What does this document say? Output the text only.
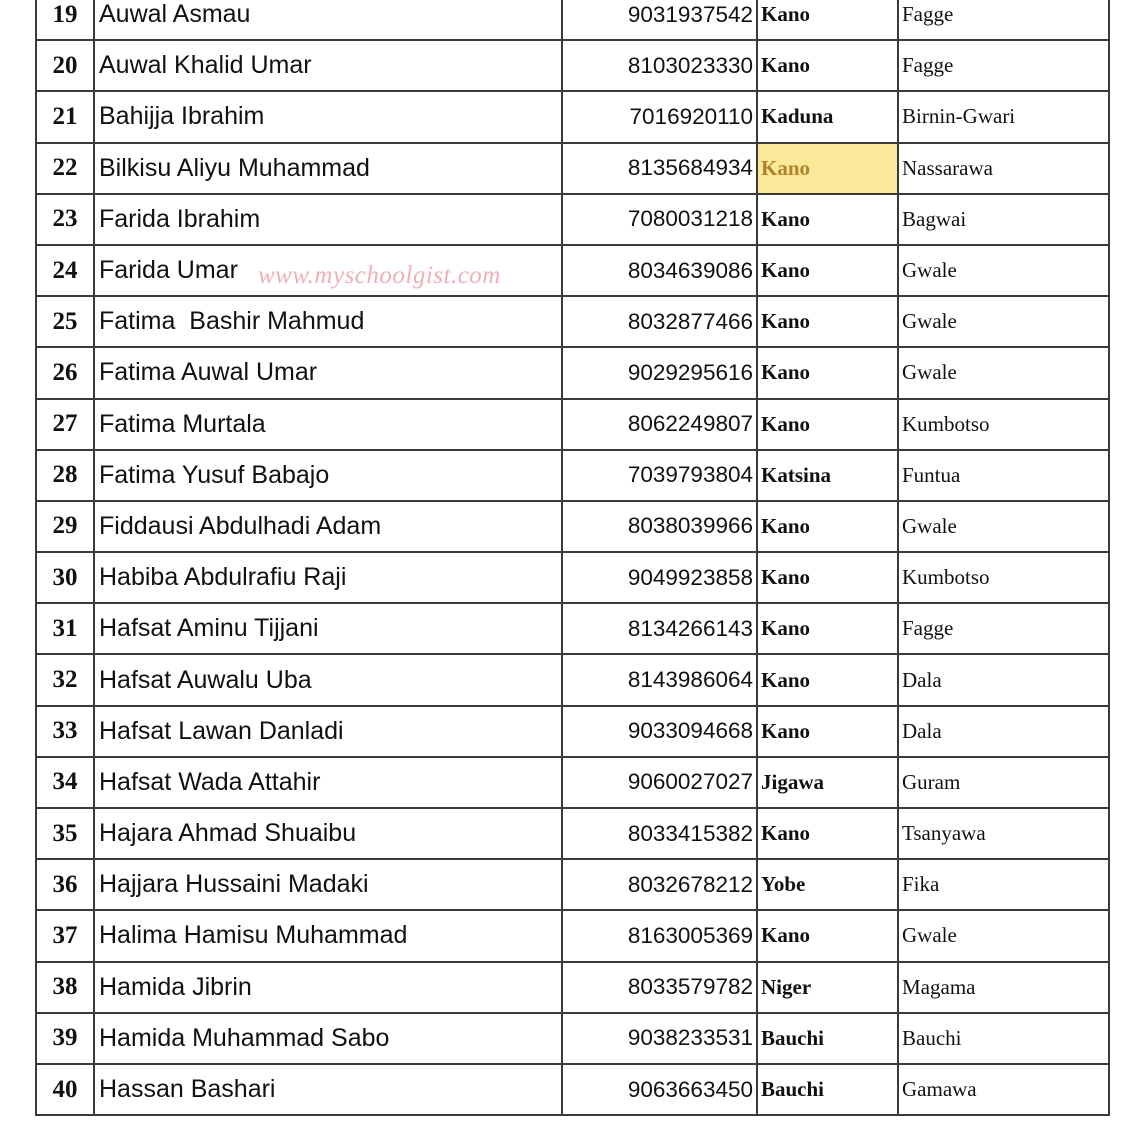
19	Auwal Asmau	9031937542	Kano	Fagge
20	Auwal Khalid Umar	8103023330	Kano	Fagge
21	Bahijja Ibrahim	7016920110	Kaduna	Birnin-Gwari
22	Bilkisu Aliyu Muhammad	8135684934	Kano	Nassarawa
23	Farida Ibrahim	7080031218	Kano	Bagwai
24	Farida Umar	8034639086	Kano	Gwale
25	Fatima  Bashir Mahmud	8032877466	Kano	Gwale
26	Fatima Auwal Umar	9029295616	Kano	Gwale
27	Fatima Murtala	8062249807	Kano	Kumbotso
28	Fatima Yusuf Babajo	7039793804	Katsina	Funtua
29	Fiddausi Abdulhadi Adam	8038039966	Kano	Gwale
30	Habiba Abdulrafiu Raji	9049923858	Kano	Kumbotso
31	Hafsat Aminu Tijjani	8134266143	Kano	Fagge
32	Hafsat Auwalu Uba	8143986064	Kano	Dala
33	Hafsat Lawan Danladi	9033094668	Kano	Dala
34	Hafsat Wada Attahir	9060027027	Jigawa	Guram
35	Hajara Ahmad Shuaibu	8033415382	Kano	Tsanyawa
36	Hajjara Hussaini Madaki	8032678212	Yobe	Fika
37	Halima Hamisu Muhammad	8163005369	Kano	Gwale
38	Hamida Jibrin	8033579782	Niger	Magama
39	Hamida Muhammad Sabo	9038233531	Bauchi	Bauchi
40	Hassan Bashari	9063663450	Bauchi	Gamawa
www.myschoolgist.com
